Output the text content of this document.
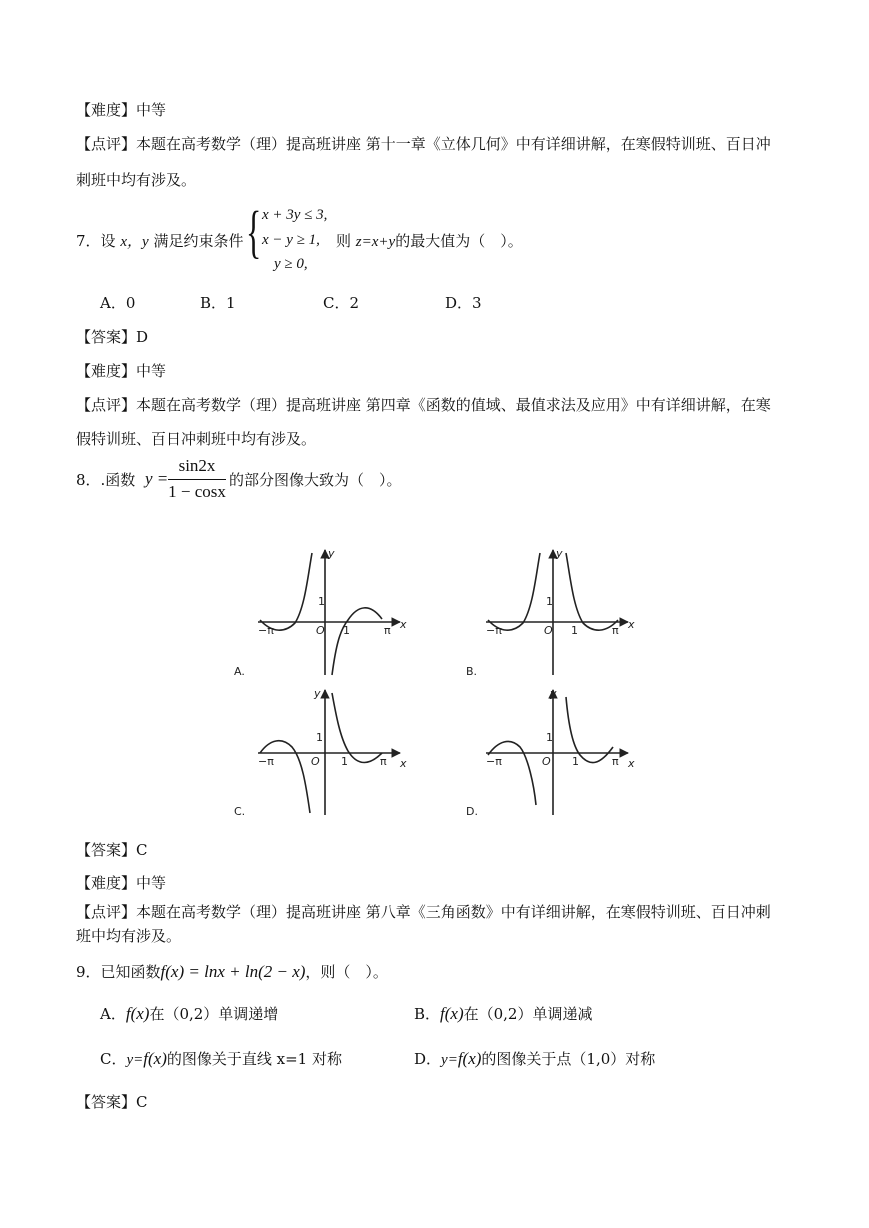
【难度】中等
【点评】本题在高考数学（理）提高班讲座 第十一章《立体几何》中有详细讲解，在寒假特训班、百日冲
刺班中均有涉及。
7．设 x，y 满足约束条件 { x + 3y ≤ 3,
x − y ≥ 1,
y ≥ 0,
则 z=x+y的最大值为（　）。
A．0	B．1	C．2	D．3
【答案】D
【难度】中等
【点评】本题在高考数学（理）提高班讲座 第四章《函数的值域、最值求法及应用》中有详细讲解，在寒
假特训班、百日冲刺班中均有涉及。
8．.函数 y =
sin2x
1 − cosx
的部分图像大致为（　）。
y
x
O 1
1
π
−π
A.
y
x
O 1
1
π
−π
B.
y
x
O 1
1
π
−π
C.
y
x
O 1
1
π
−π
D.
【答案】C
【难度】中等
【点评】本题在高考数学（理）提高班讲座 第八章《三角函数》中有详细讲解，在寒假特训班、百日冲刺
班中均有涉及。
9．已知函数f(x) = lnx + ln(2 − x)，则（　）。
A．f(x)在（0,2）单调递增	B．f(x)在（0,2）单调递减
C．y=f(x)的图像关于直线 x=1 对称	D．y=f(x)的图像关于点（1,0）对称
【答案】C
